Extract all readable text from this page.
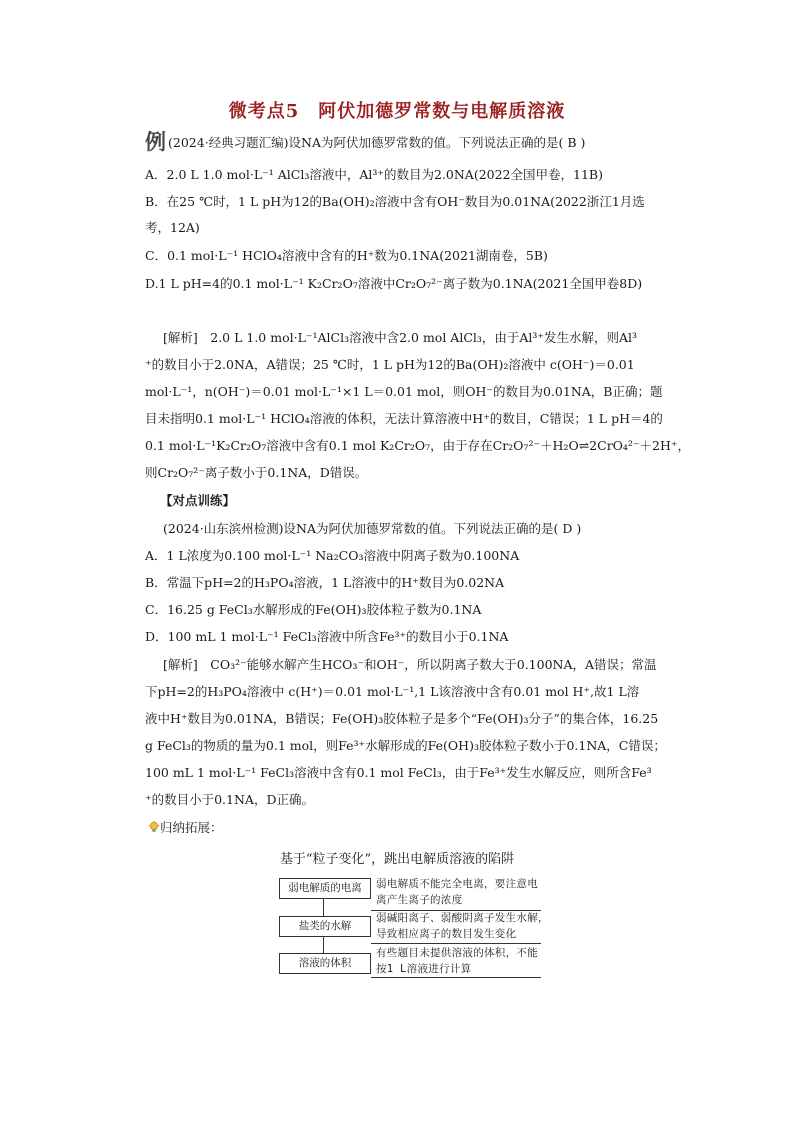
微考点5　阿伏加德罗常数与电解质溶液
例 (2024·经典习题汇编)设NA为阿伏加德罗常数的值。下列说法正确的是( B )
A．2.0 L 1.0 mol·L⁻¹ AlCl₃溶液中，Al³⁺的数目为2.0NA(2022全国甲卷，11B)
B．在25 ℃时，1 L pH为12的Ba(OH)₂溶液中含有OH⁻数目为0.01NA(2022浙江1月选
考，12A)
C．0.1 mol·L⁻¹ HClO₄溶液中含有的H⁺数为0.1NA(2021湖南卷，5B)
D.1 L pH=4的0.1 mol·L⁻¹ K₂Cr₂O₇溶液中Cr₂O₇²⁻离子数为0.1NA(2021全国甲卷8D)
[解析]　2.0 L 1.0 mol·L⁻¹AlCl₃溶液中含2.0 mol AlCl₃，由于Al³⁺发生水解，则Al³
⁺的数目小于2.0NA，A错误；25 ℃时，1 L pH为12的Ba(OH)₂溶液中 c(OH⁻)＝0.01
mol·L⁻¹，n(OH⁻)＝0.01 mol·L⁻¹×1 L＝0.01 mol，则OH⁻的数目为0.01NA，B正确；题
目未指明0.1 mol·L⁻¹ HClO₄溶液的体积，无法计算溶液中H⁺的数目，C错误；1 L pH＝4的
0.1 mol·L⁻¹K₂Cr₂O₇溶液中含有0.1 mol K₂Cr₂O₇，由于存在Cr₂O₇²⁻＋H₂O⇌2CrO₄²⁻＋2H⁺，
则Cr₂O₇²⁻离子数小于0.1NA，D错误。
【对点训练】
(2024·山东滨州检测)设NA为阿伏加德罗常数的值。下列说法正确的是( D )
A．1 L浓度为0.100 mol·L⁻¹ Na₂CO₃溶液中阴离子数为0.100NA
B．常温下pH=2的H₃PO₄溶液，1 L溶液中的H⁺数目为0.02NA
C．16.25 g FeCl₃水解形成的Fe(OH)₃胶体粒子数为0.1NA
D．100 mL 1 mol·L⁻¹ FeCl₃溶液中所含Fe³⁺的数目小于0.1NA
[解析]　CO₃²⁻能够水解产生HCO₃⁻和OH⁻，所以阴离子数大于0.100NA，A错误；常温
下pH=2的H₃PO₄溶液中 c(H⁺)＝0.01 mol·L⁻¹,1 L该溶液中含有0.01 mol H⁺,故1 L溶
液中H⁺数目为0.01NA，B错误；Fe(OH)₃胶体粒子是多个“Fe(OH)₃分子”的集合体，16.25
g FeCl₃的物质的量为0.1 mol，则Fe³⁺水解形成的Fe(OH)₃胶体粒子数小于0.1NA，C错误；
100 mL 1 mol·L⁻¹ FeCl₃溶液中含有0.1 mol FeCl₃，由于Fe³⁺发生水解反应，则所含Fe³
⁺的数目小于0.1NA，D正确。
归纳拓展：
基于“粒子变化”，跳出电解质溶液的陷阱
弱电解质的电离	弱电解质不能完全电离，要注意电
离产生离子的浓度
盐类的水解
弱碱阳离子、弱酸阴离子发生水解，
导致相应离子的数目发生变化
溶液的体积
有些题目未提供溶液的体积，不能
按1 L溶液进行计算
